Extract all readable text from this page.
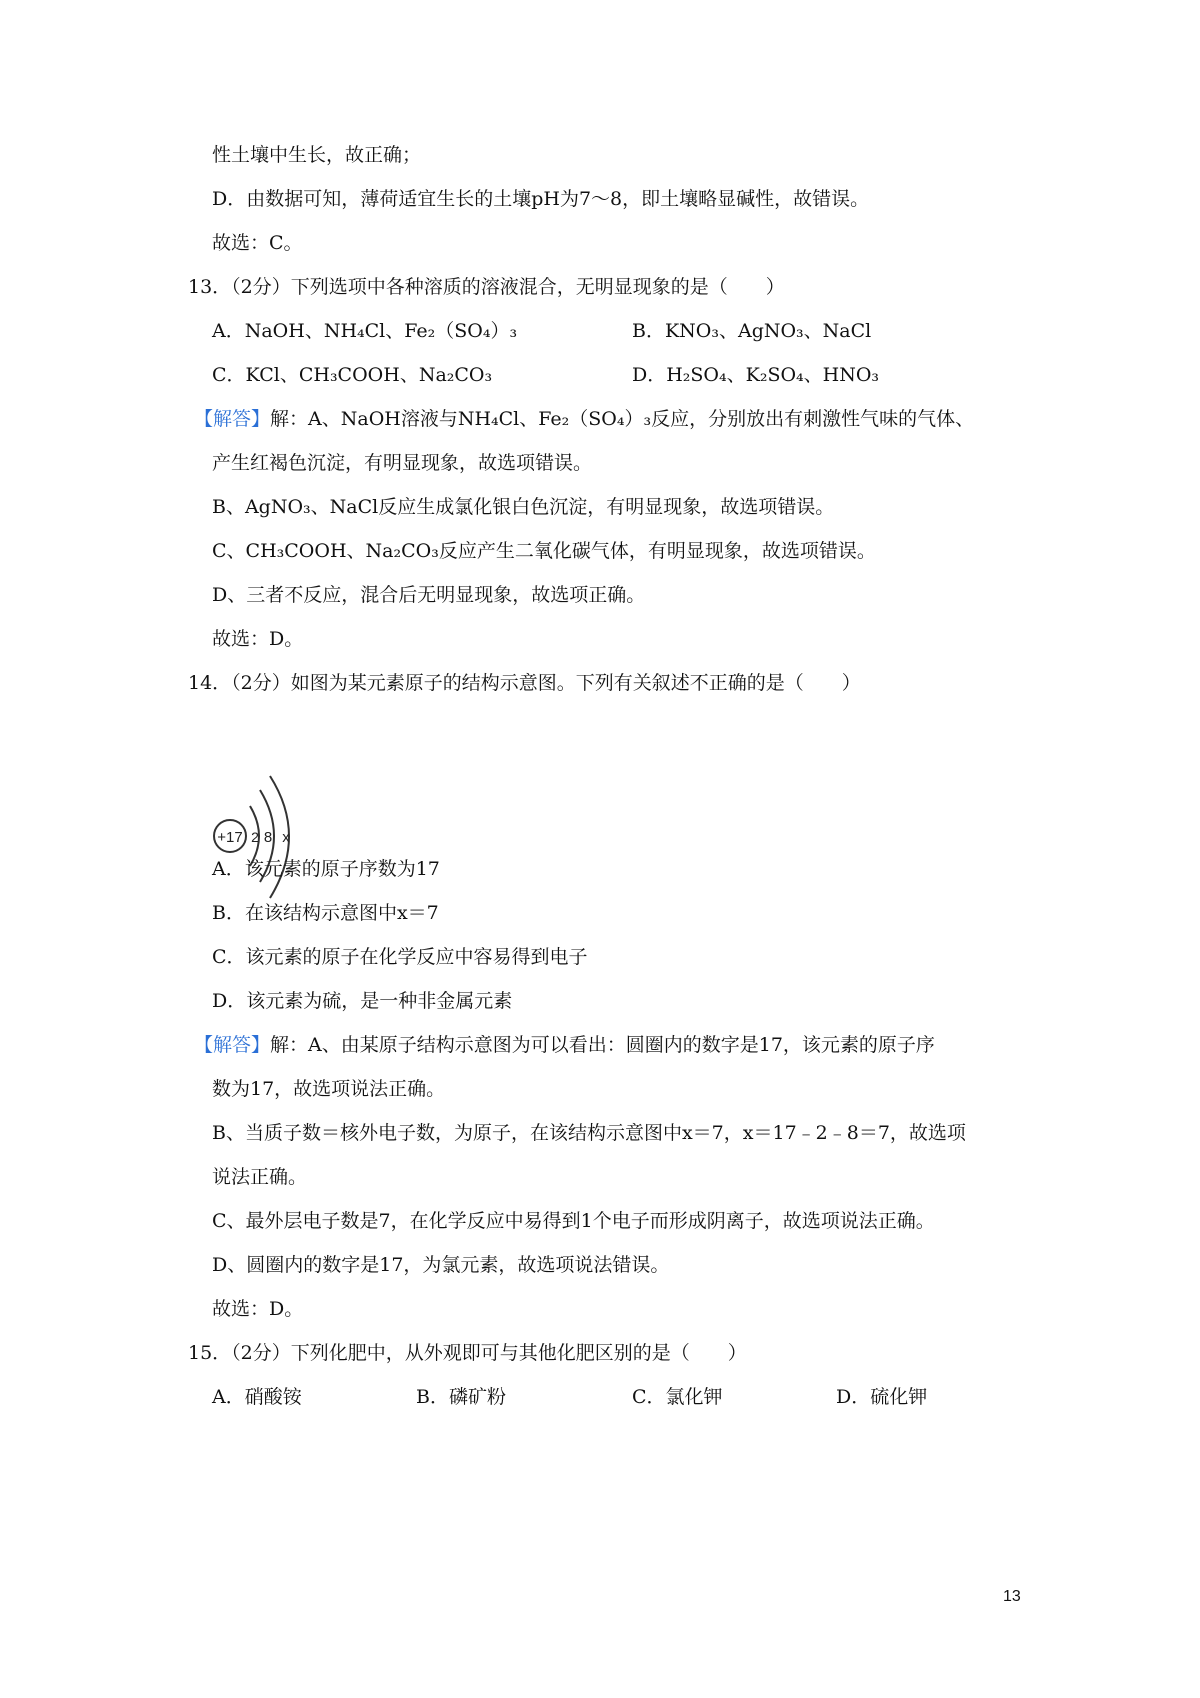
性土壤中生长，故正确；
D．由数据可知，薄荷适宜生长的土壤pH为7～8，即土壤略显碱性，故错误。
故选：C。
13．（2分）下列选项中各种溶质的溶液混合，无明显现象的是（　　）
A．NaOH、NH₄Cl、Fe₂（SO₄）₃	B．KNO₃、AgNO₃、NaCl
C．KCl、CH₃COOH、Na₂CO₃	D．H₂SO₄、K₂SO₄、HNO₃
【解答】解：A、NaOH溶液与NH₄Cl、Fe₂（SO₄）₃反应，分别放出有刺激性气味的气体、
产生红褐色沉淀，有明显现象，故选项错误。
B、AgNO₃、NaCl反应生成氯化银白色沉淀，有明显现象，故选项错误。
C、CH₃COOH、Na₂CO₃反应产生二氧化碳气体，有明显现象，故选项错误。
D、三者不反应，混合后无明显现象，故选项正确。
故选：D。
14．（2分）如图为某元素原子的结构示意图。下列有关叙述不正确的是（　　）
+17 2 8 x
A．该元素的原子序数为17
B．在该结构示意图中x＝7
C．该元素的原子在化学反应中容易得到电子
D．该元素为硫，是一种非金属元素
【解答】解：A、由某原子结构示意图为可以看出：圆圈内的数字是17，该元素的原子序
数为17，故选项说法正确。
B、当质子数＝核外电子数，为原子，在该结构示意图中x＝7，x＝17﹣2﹣8＝7，故选项
说法正确。
C、最外层电子数是7，在化学反应中易得到1个电子而形成阴离子，故选项说法正确。
D、圆圈内的数字是17，为氯元素，故选项说法错误。
故选：D。
15．（2分）下列化肥中，从外观即可与其他化肥区别的是（　　）
A．硝酸铵	B．磷矿粉	C．氯化钾	D．硫化钾
13
